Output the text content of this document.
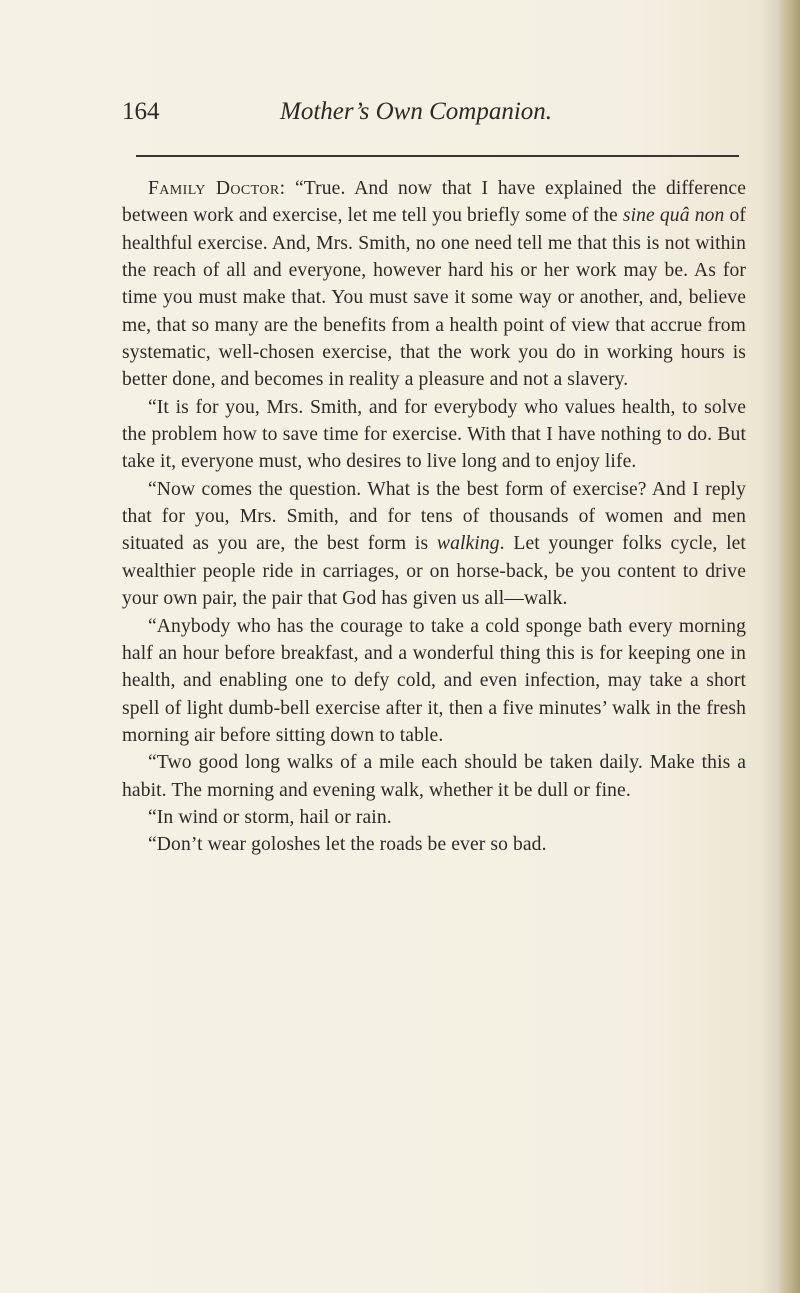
164	Mother’s Own Companion.

Family Doctor: “True. And now that I have explained the difference between work and exercise, let me tell you briefly some of the sine quâ non of healthful exercise. And, Mrs. Smith, no one need tell me that this is not within the reach of all and everyone, however hard his or her work may be. As for time you must make that. You must save it some way or another, and, believe me, that so many are the benefits from a health point of view that accrue from systematic, well-chosen exercise, that the work you do in working hours is better done, and becomes in reality a pleasure and not a slavery.

“It is for you, Mrs. Smith, and for everybody who values health, to solve the problem how to save time for exercise. With that I have nothing to do. But take it, everyone must, who desires to live long and to enjoy life.

“Now comes the question. What is the best form of exercise? And I reply that for you, Mrs. Smith, and for tens of thousands of women and men situated as you are, the best form is walking. Let younger folks cycle, let wealthier people ride in carriages, or on horse-back, be you content to drive your own pair, the pair that God has given us all—walk.

“Anybody who has the courage to take a cold sponge bath every morning half an hour before breakfast, and a wonderful thing this is for keeping one in health, and enabling one to defy cold, and even infection, may take a short spell of light dumb-bell exercise after it, then a five minutes’ walk in the fresh morning air before sitting down to table.

“Two good long walks of a mile each should be taken daily. Make this a habit. The morning and evening walk, whether it be dull or fine.

“In wind or storm, hail or rain.

“Don’t wear goloshes let the roads be ever so bad.
